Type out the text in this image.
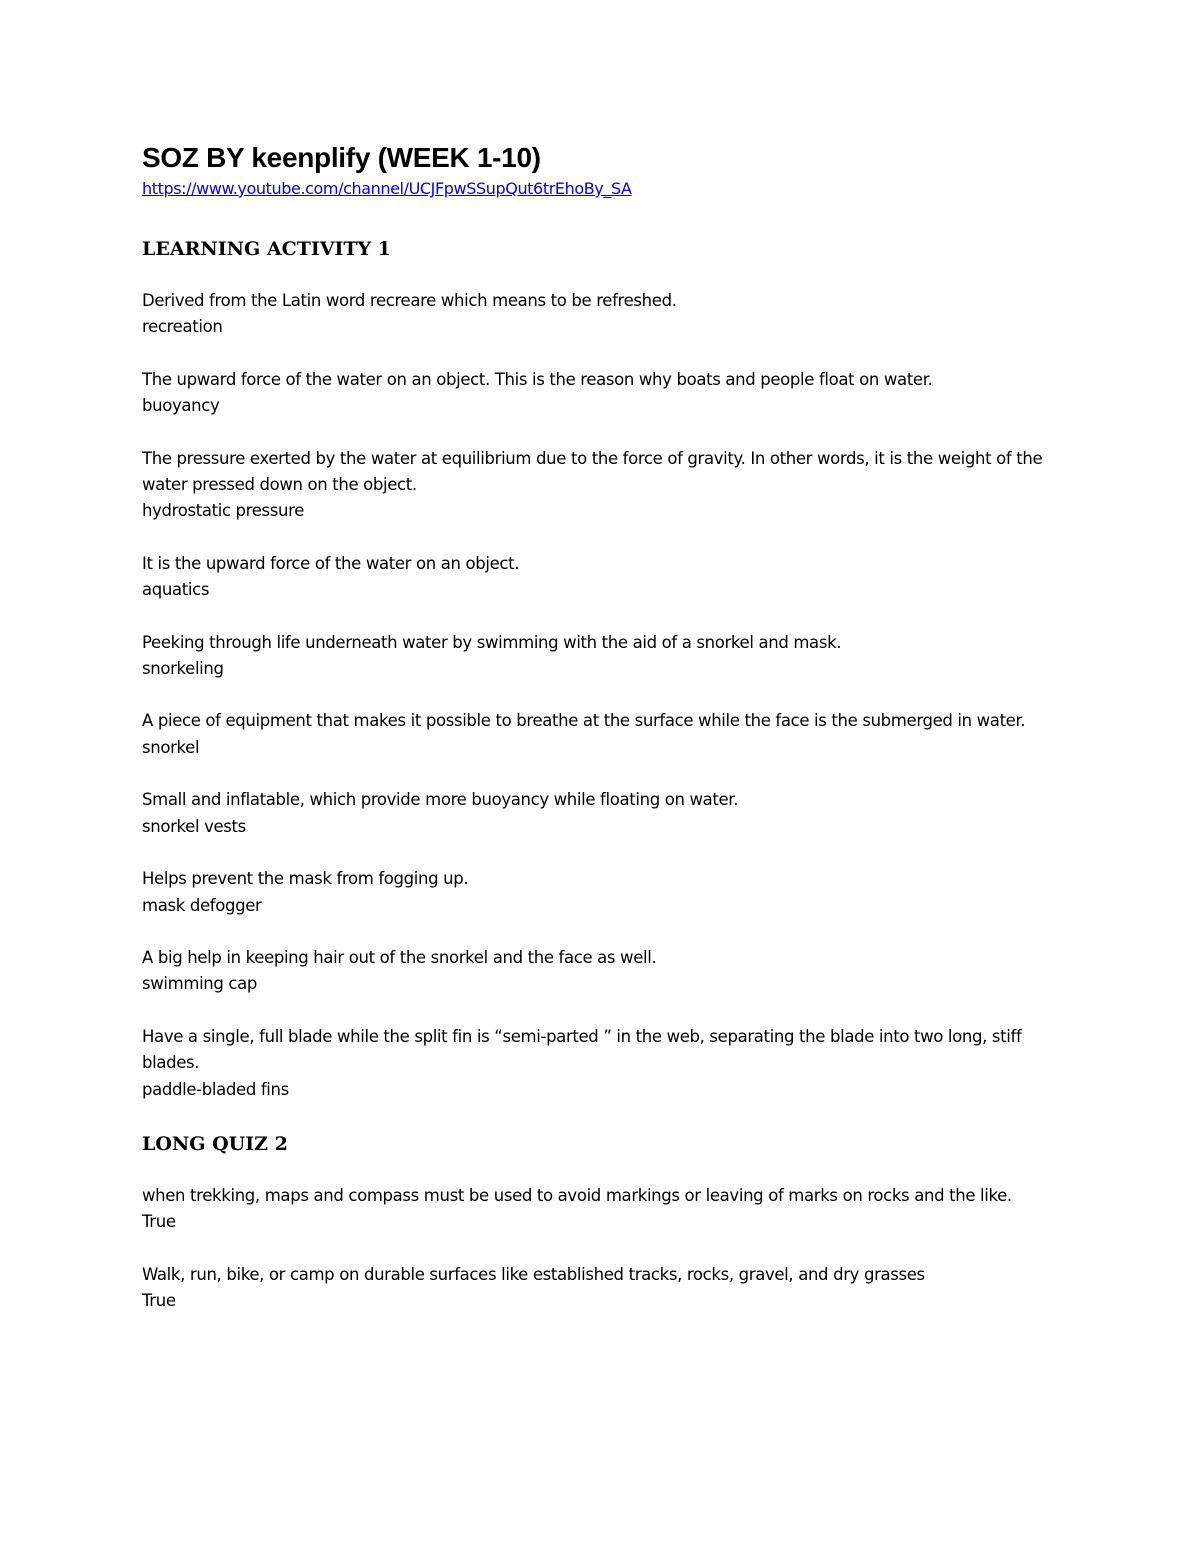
SOZ BY keenplify (WEEK 1-10)
https://www.youtube.com/channel/UCJFpwSSupQut6trEhoBy_SA
LEARNING ACTIVITY 1

Derived from the Latin word recreare which means to be refreshed.

recreation

The upward force of the water on an object. This is the reason why boats and people float on water.

buoyancy

The pressure exerted by the water at equilibrium due to the force of gravity. In other words, it is the weight of the water pressed down on the object.

hydrostatic pressure

It is the upward force of the water on an object.

aquatics

Peeking through life underneath water by swimming with the aid of a snorkel and mask.

snorkeling

A piece of equipment that makes it possible to breathe at the surface while the face is the submerged in water.

snorkel

Small and inflatable, which provide more buoyancy while floating on water.

snorkel vests

Helps prevent the mask from fogging up.

mask defogger

A big help in keeping hair out of the snorkel and the face as well.

swimming cap

Have a single, full blade while the split fin is “semi-parted ” in the web, separating the blade into two long, stiff blades.

paddle-bladed fins

LONG QUIZ 2

when trekking, maps and compass must be used to avoid markings or leaving of marks on rocks and the like.

True

Walk, run, bike, or camp on durable surfaces like established tracks, rocks, gravel, and dry grasses

True
